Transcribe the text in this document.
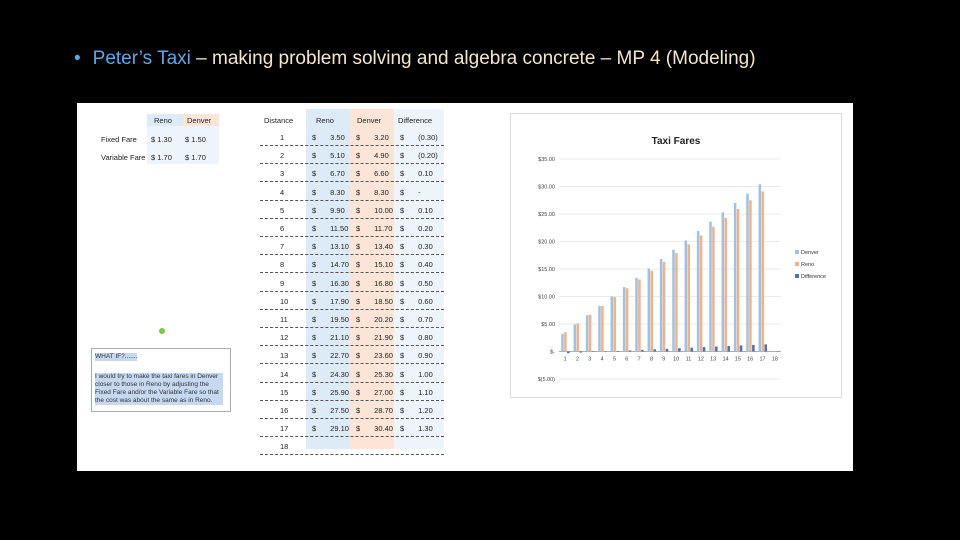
• Peter’s Taxi – making problem solving and algebra concrete – MP 4 (Modeling)
Reno Denver
Fixed Fare $ 1.30 $ 1.50
Variable Fare $ 1.70 $ 1.70
Distance	Reno	Denver Difference
1	$ 3.50 $ 3.20 $ (0.30)
2	$ 5.10 $ 4.90 $ (0.20)
3	$ 6.70 $ 6.60 $ 0.10
4	$ 8.30 $ 8.30 $ -
5	$ 9.90 $ 10.00 $ 0.10
6	$ 11.50 $ 11.70 $ 0.20
7	$ 13.10 $ 13.40 $ 0.30
8	$ 14.70 $ 15.10 $ 0.40
9	$ 16.30 $ 16.80 $ 0.50
10	$ 17.90 $ 18.50 $ 0.60
11	$ 19.50 $ 20.20 $ 0.70
12	$ 21.10 $ 21.90 $ 0.80
13	$ 22.70 $ 23.60 $ 0.90
14	$ 24.30 $ 25.30 $ 1.00
15	$ 25.90 $ 27.00 $ 1.10
16	$ 27.50 $ 28.70 $ 1.20
17	$ 29.10 $ 30.40 $ 1.30
18
WHAT IF?.......
I would try to make the taxi fares in Denver closer to those in Reno by adjusting the Fixed Fare and/or the Variable Fare so that the cost was about the same as in Reno.
Taxi Fares
$35.00
$30.00
$25.00
$20.00
$15.00
$10.00
$5.00
$-
$(5.00)
1 2 3 4 5 6 7 8 9 10 11 12 13 14 15 16 17 18
Denver
Reno
Difference
